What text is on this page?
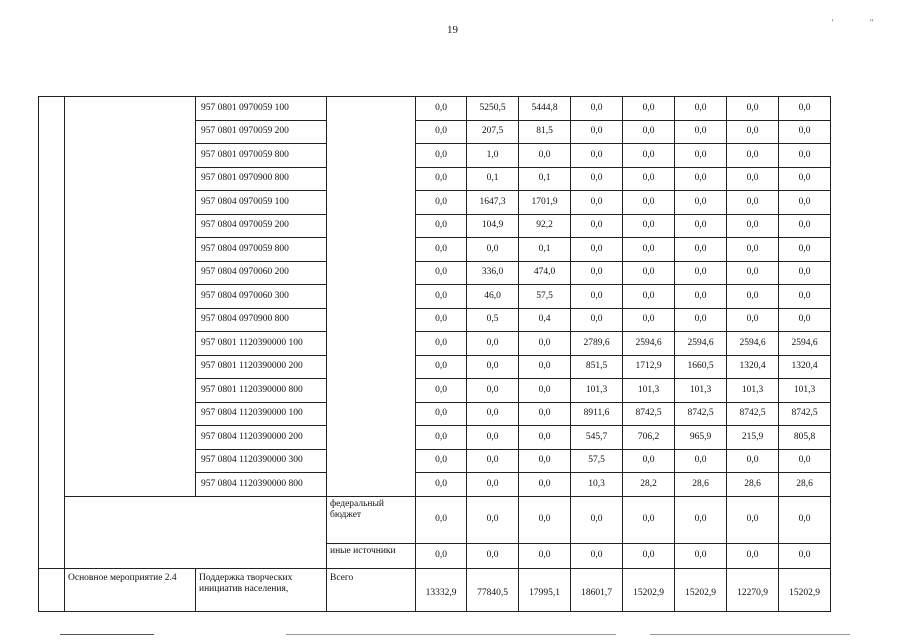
19
'	"
		957 0801 0970059 100		0,0	5250,5	5444,8	0,0	0,0	0,0	0,0	0,0
		957 0801 0970059 200		0,0	207,5	81,5	0,0	0,0	0,0	0,0	0,0
		957 0801 0970059 800		0,0	1,0	0,0	0,0	0,0	0,0	0,0	0,0
		957 0801 0970900 800		0,0	0,1	0,1	0,0	0,0	0,0	0,0	0,0
		957 0804 0970059 100		0,0	1647,3	1701,9	0,0	0,0	0,0	0,0	0,0
		957 0804 0970059 200		0,0	104,9	92,2	0,0	0,0	0,0	0,0	0,0
		957 0804 0970059 800		0,0	0,0	0,1	0,0	0,0	0,0	0,0	0,0
		957 0804 0970060 200		0,0	336,0	474,0	0,0	0,0	0,0	0,0	0,0
		957 0804 0970060 300		0,0	46,0	57,5	0,0	0,0	0,0	0,0	0,0
		957 0804 0970900 800		0,0	0,5	0,4	0,0	0,0	0,0	0,0	0,0
		957 0801 1120390000 100		0,0	0,0	0,0	2789,6	2594,6	2594,6	2594,6	2594,6
		957 0801 1120390000 200		0,0	0,0	0,0	851,5	1712,9	1660,5	1320,4	1320,4
		957 0801 1120390000 800		0,0	0,0	0,0	101,3	101,3	101,3	101,3	101,3
		957 0804 1120390000 100		0,0	0,0	0,0	8911,6	8742,5	8742,5	8742,5	8742,5
		957 0804 1120390000 200		0,0	0,0	0,0	545,7	706,2	965,9	215,9	805,8
		957 0804 1120390000 300		0,0	0,0	0,0	57,5	0,0	0,0	0,0	0,0
		957 0804 1120390000 800		0,0	0,0	0,0	10,3	28,2	28,6	28,6	28,6
			федеральный бюджет	0,0	0,0	0,0	0,0	0,0	0,0	0,0	0,0
			иные источники	0,0	0,0	0,0	0,0	0,0	0,0	0,0	0,0
	Основное мероприятие 2.4	Поддержка творческих инициатив населения,	Всего	13332,9	77840,5	17995,1	18601,7	15202,9	15202,9	12270,9	15202,9
